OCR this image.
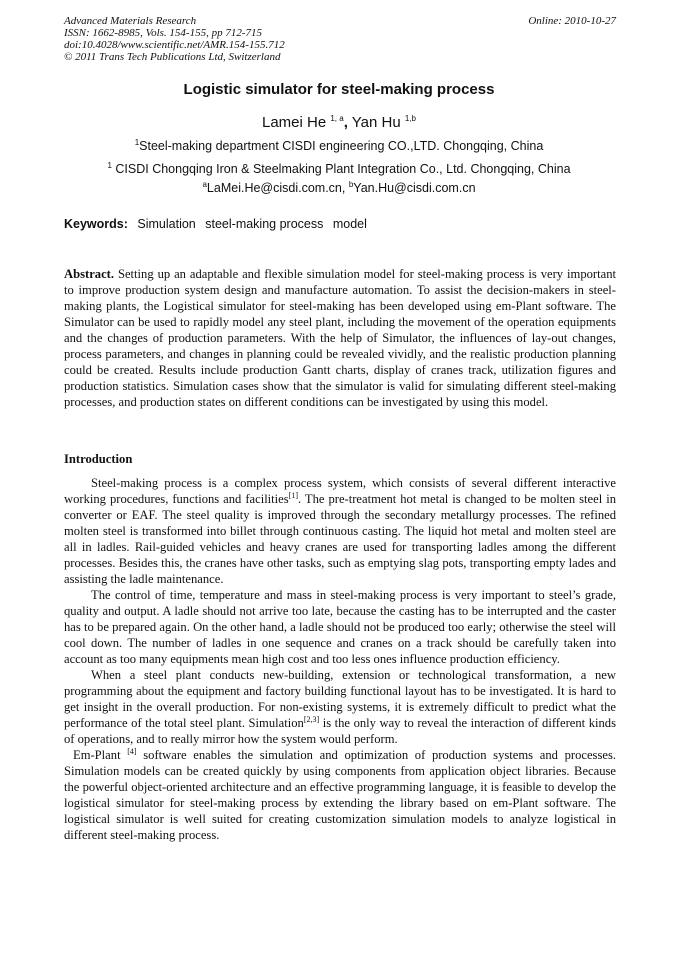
Advanced Materials Research
ISSN: 1662-8985, Vols. 154-155, pp 712-715
doi:10.4028/www.scientific.net/AMR.154-155.712
© 2011 Trans Tech Publications Ltd, Switzerland
Online: 2010-10-27
Logistic simulator for steel-making process
Lamei He $^{1, a}$, Yan Hu $^{1,b}$
$^1$Steel-making department CISDI engineering CO.,LTD. Chongqing, China
$^1$ CISDI Chongqing Iron & Steelmaking Plant Integration Co., Ltd. Chongqing, China
$^a$LaMei.He@cisdi.com.cn, $^b$Yan.Hu@cisdi.com.cn
Keywords: Simulation steel-making process model

Abstract. Setting up an adaptable and flexible simulation model for steel-making process is very important to improve production system design and manufacture automation. To assist the decision-makers in steel-making plants, the Logistical simulator for steel-making has been developed using em-Plant software. The Simulator can be used to rapidly model any steel plant, including the movement of the operation equipments and the changes of production parameters. With the help of Simulator, the influences of lay-out changes, process parameters, and changes in planning could be revealed vividly, and the realistic production planning could be created. Results include production Gantt charts, display of cranes track, utilization figures and production statistics. Simulation cases show that the simulator is valid for simulating different steel-making processes, and production states on different conditions can be investigated by using this model.

Introduction

Steel-making process is a complex process system, which consists of several different interactive working procedures, functions and facilities[1]. The pre-treatment hot metal is changed to be molten steel in converter or EAF. The steel quality is improved through the secondary metallurgy processes. The refined molten steel is transformed into billet through continuous casting. The liquid hot metal and molten steel are all in ladles. Rail-guided vehicles and heavy cranes are used for transporting ladles among the different processes. Besides this, the cranes have other tasks, such as emptying slag pots, transporting empty lades and assisting the ladle maintenance.

The control of time, temperature and mass in steel-making process is very important to steel’s grade, quality and output. A ladle should not arrive too late, because the casting has to be interrupted and the caster has to be prepared again. On the other hand, a ladle should not be produced too early; otherwise the steel will cool down. The number of ladles in one sequence and cranes on a track should be carefully taken into account as too many equipments mean high cost and too less ones influence production efficiency.

When a steel plant conducts new-building, extension or technological transformation, a new programming about the equipment and factory building functional layout has to be investigated. It is hard to get insight in the overall production. For non-existing systems, it is extremely difficult to predict what the performance of the total steel plant. Simulation[2,3] is the only way to reveal the interaction of different kinds of operations, and to really mirror how the system would perform.

Em-Plant [4] software enables the simulation and optimization of production systems and processes. Simulation models can be created quickly by using components from application object libraries. Because the powerful object-oriented architecture and an effective programming language, it is feasible to develop the logistical simulator for steel-making process by extending the library based on em-Plant software. The logistical simulator is well suited for creating customization simulation models to analyze logistical in different steel-making process.
